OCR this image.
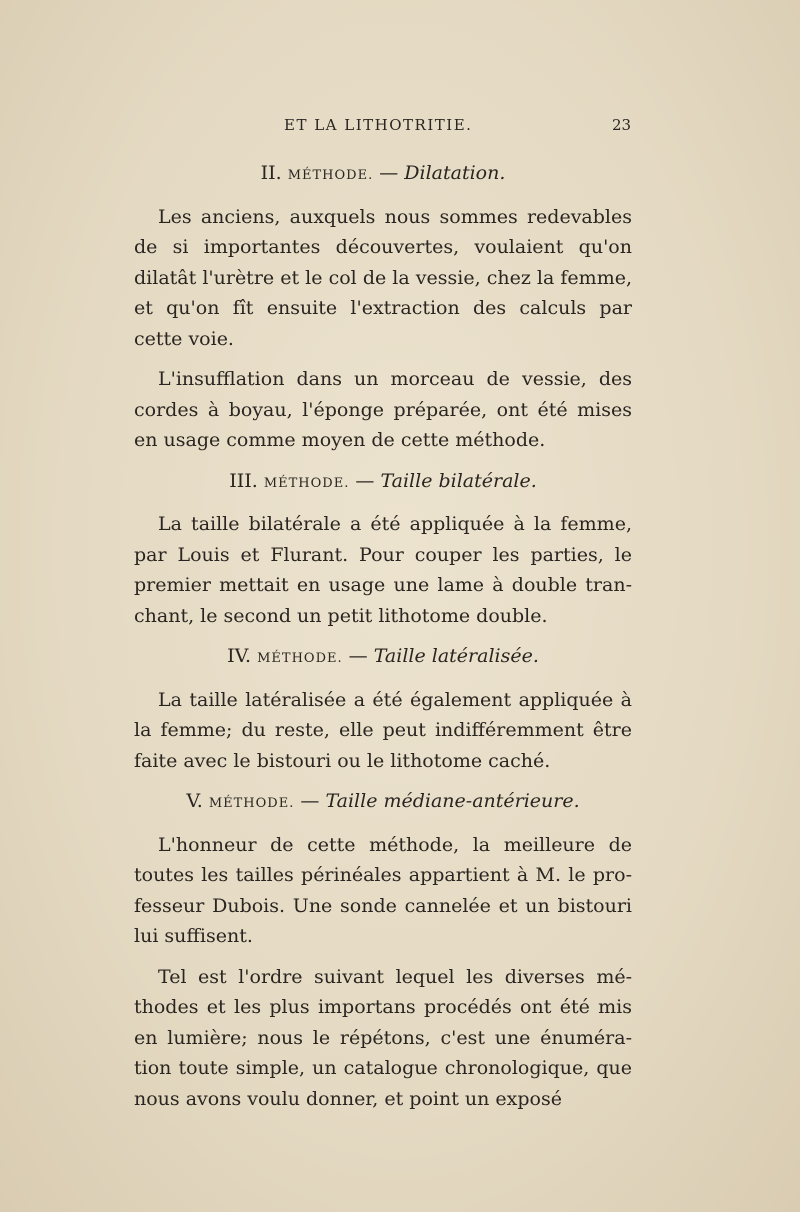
ET LA LITHOTRITIE.	23
II. MÉTHODE. — Dilatation.

Les anciens, auxquels nous sommes redevables de si importantes découvertes, voulaient qu'on dilatât l'urètre et le col de la vessie, chez la femme, et qu'on fît ensuite l'extraction des calculs par cette voie.

L'insufflation dans un morceau de vessie, des cordes à boyau, l'éponge préparée, ont été mises en usage comme moyen de cette méthode.

III. MÉTHODE. — Taille bilatérale.

La taille bilatérale a été appliquée à la femme, par Louis et Flurant. Pour couper les parties, le premier mettait en usage une lame à double tran-chant, le second un petit lithotome double.

IV. MÉTHODE. — Taille latéralisée.

La taille latéralisée a été également appliquée à la femme; du reste, elle peut indifféremment être faite avec le bistouri ou le lithotome caché.

V. MÉTHODE. — Taille médiane-antérieure.

L'honneur de cette méthode, la meilleure de toutes les tailles périnéales appartient à M. le pro-fesseur Dubois. Une sonde cannelée et un bistouri lui suffisent.

Tel est l'ordre suivant lequel les diverses mé-thodes et les plus importans procédés ont été mis en lumière; nous le répétons, c'est une énuméra-tion toute simple, un catalogue chronologique, que nous avons voulu donner, et point un exposé
